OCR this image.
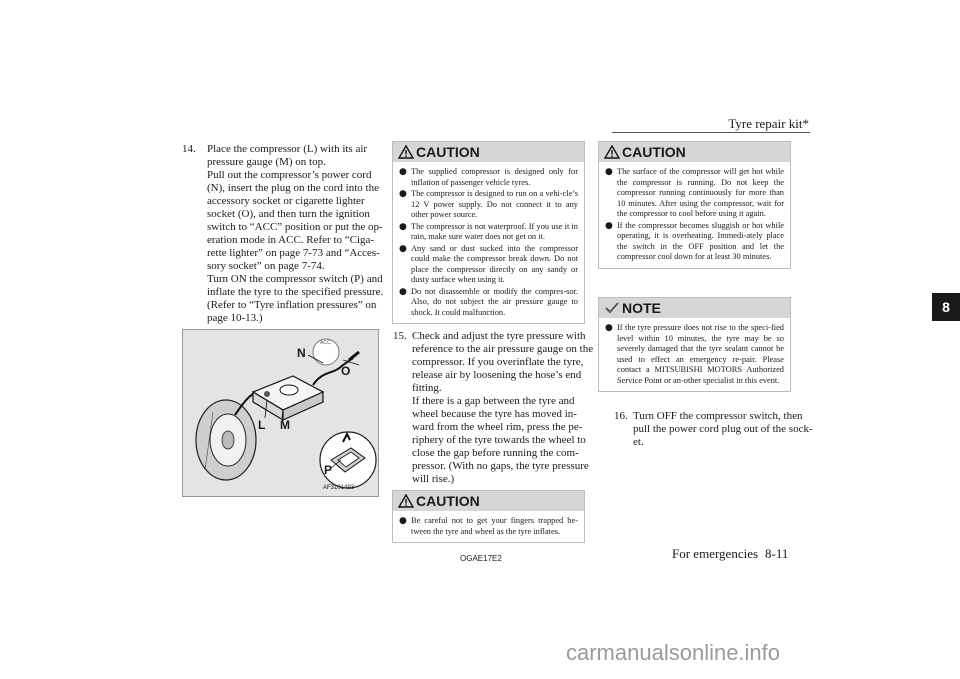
Tyre repair kit*
8
14. Place the compressor (L) with its air
pressure gauge (M) on top.
Pull out the compressor’s power cord
(N), insert the plug on the cord into the
accessory socket or cigarette lighter
socket (O), and then turn the ignition
switch to “ACC” position or put the op-
eration mode in ACC. Refer to “Ciga-
rette lighter” on page 7-73 and “Acces-
sory socket” on page 7-74.
Turn ON the compressor switch (P) and
inflate the tyre to the specified pressure.
(Refer to “Tyre inflation pressures” on
page 10-13.)
N
O
ACC
L M
P
AF3101493
CAUTION
● The supplied compressor is designed only for inflation of passenger vehicle tyres.
● The compressor is designed to run on a vehi-cle’s 12 V power supply. Do not connect it to any other power source.
● The compressor is not waterproof. If you use it in rain, make sure water does not get on it.
● Any sand or dust sucked into the compressor could make the compressor break down. Do not place the compressor directly on any sandy or dusty surface when using it.
● Do not disassemble or modify the compres-sor. Also, do not subject the air pressure gauge to shock. It could malfunction.
15. Check and adjust the tyre pressure with
reference to the air pressure gauge on the
compressor. If you overinflate the tyre,
release air by loosening the hose’s end
fitting.
If there is a gap between the tyre and
wheel because the tyre has moved in-
ward from the wheel rim, press the pe-
riphery of the tyre towards the wheel to
close the gap before running the com-
pressor. (With no gaps, the tyre pressure
will rise.)
CAUTION
● Be careful not to get your fingers trapped be-tween the tyre and wheel as the tyre inflates.
CAUTION
● The surface of the compressor will get hot while the compressor is running. Do not keep the compressor running continuously for more than 10 minutes. After using the compressor, wait for the compressor to cool before using it again.
● If the compressor becomes sluggish or hot while operating, it is overheating. Immedi-ately place the switch in the OFF position and let the compressor cool down for at least 30 minutes.
NOTE
● If the tyre pressure does not rise to the speci-fied level within 10 minutes, the tyre may be so severely damaged that the tyre sealant cannot be used to effect an emergency re-pair. Please contact a MITSUBISHI MOTORS Authorized Service Point or an-other specialist in this event.
16. Turn OFF the compressor switch, then
pull the power cord plug out of the sock-
et.
OGAE17E2	For emergencies 8-11
carmanualsonline.info
